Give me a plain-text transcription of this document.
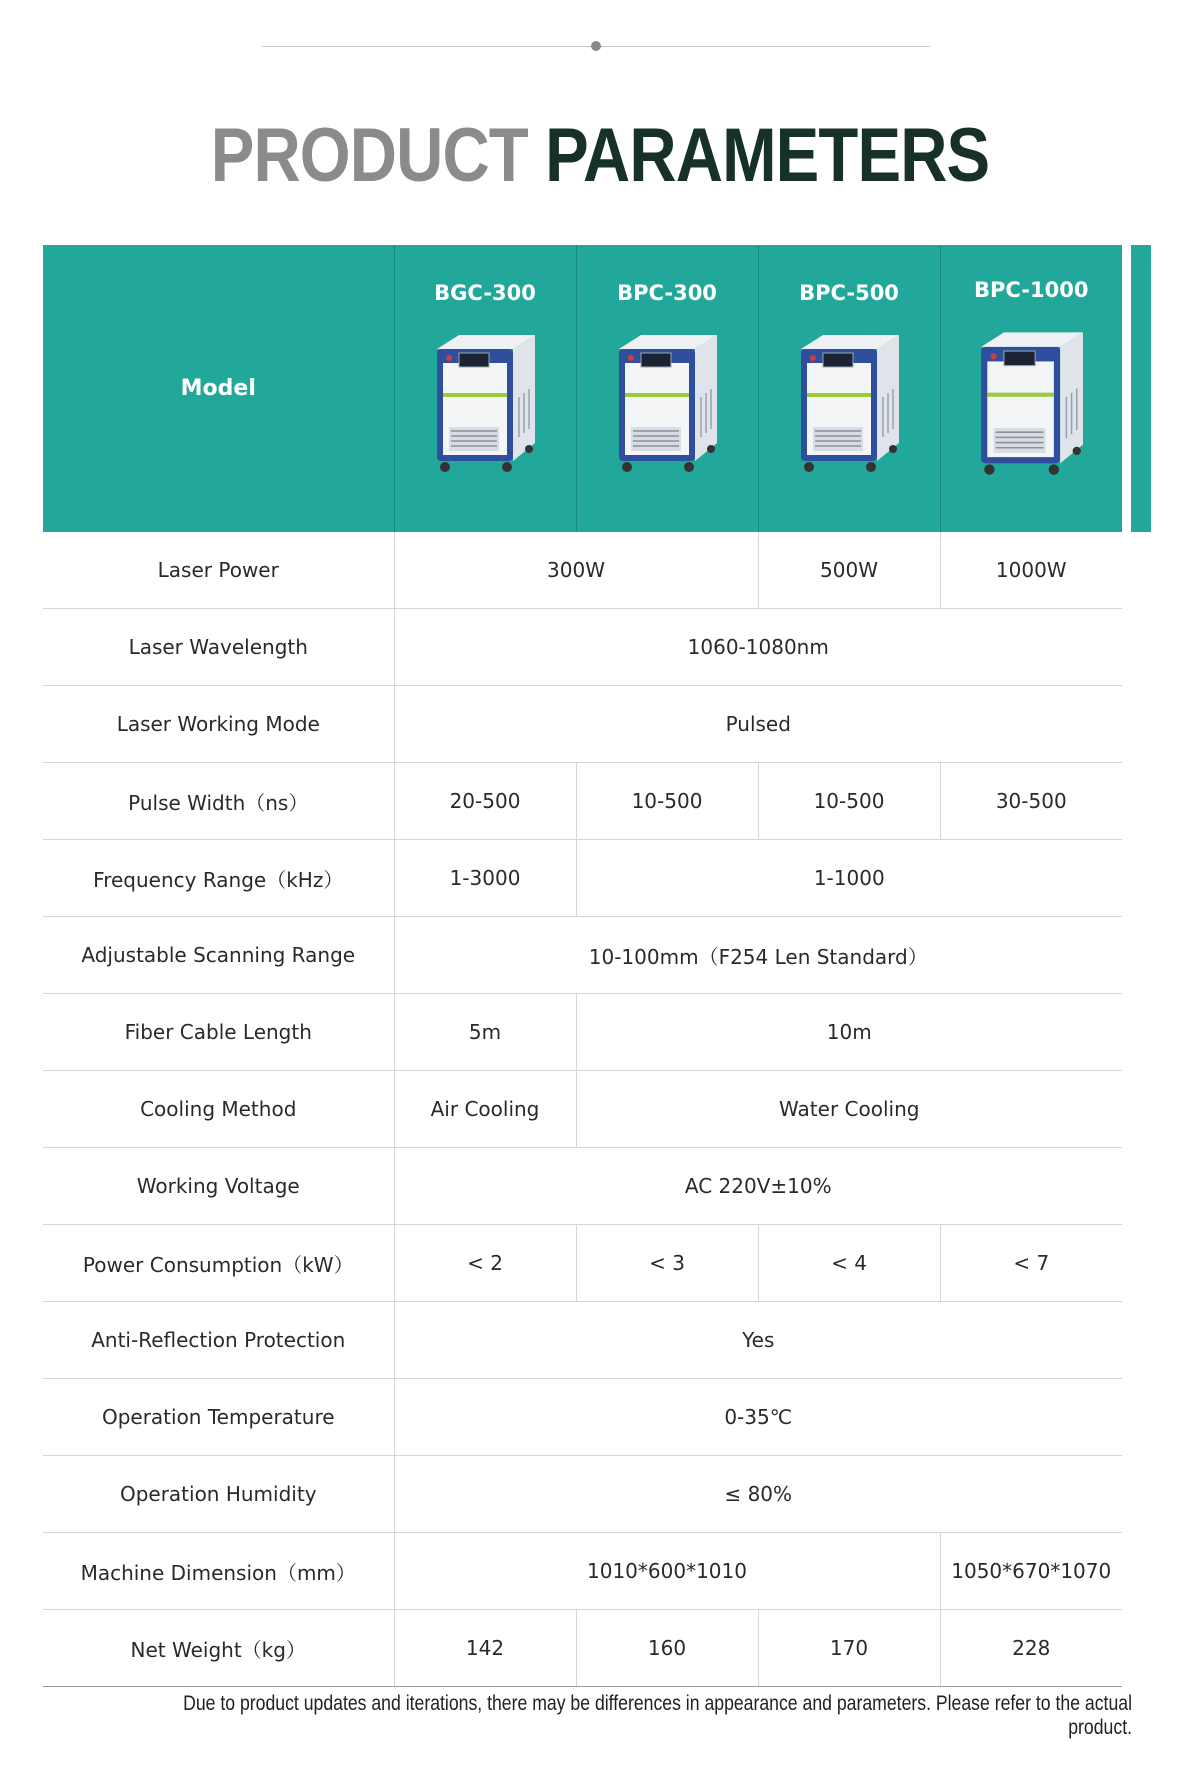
PRODUCT PARAMETERS
Model	BGC-300	BPC-300	BPC-500	BPC-1000

Laser Power	300W		500W	1000W
Laser Wavelength	1060-1080nm			
Laser Working Mode	Pulsed			
Pulse Width（ns）	20-500	10-500	10-500	30-500
Frequency Range（kHz）	1-3000	1-1000		
Adjustable Scanning Range	10-100mm（F254 Len Standard）			
Fiber Cable Length	5m	10m		
Cooling Method	Air Cooling	Water Cooling		
Working Voltage	AC 220V±10%			
Power Consumption（kW）	< 2	< 3	< 4	< 7
Anti-Reflection Protection	Yes			
Operation Temperature	0-35℃			
Operation Humidity	≤ 80%			
Machine Dimension（mm）	1010*600*1010			1050*670*1070
Net Weight（kg）	142	160	170	228
Due to product updates and iterations, there may be differences in appearance and parameters. Please refer to the actual product.
